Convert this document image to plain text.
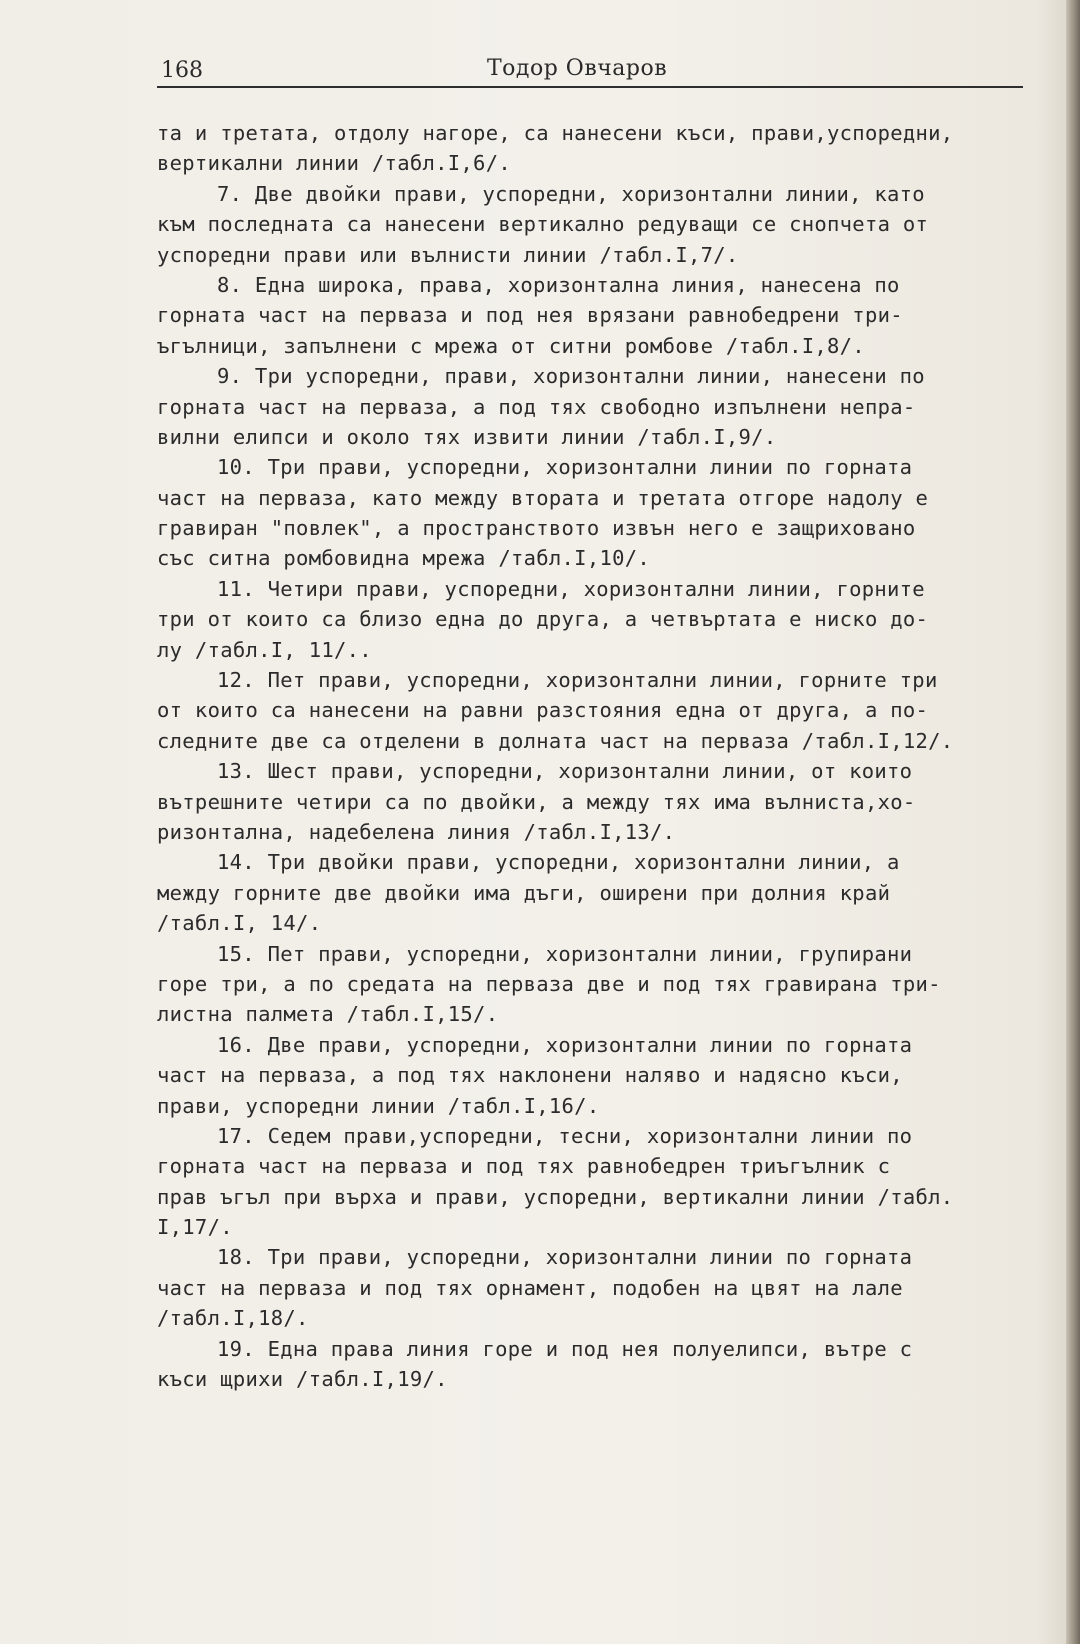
168	Тодор Овчаров
та и третата, отдолу нагоре, са нанесени къси, прави,успоредни,
вертикални линии /табл.I,6/.
7. Две двойки прави, успоредни, хоризонтални линии, като
към последната са нанесени вертикално редуващи се снопчета от
успоредни прави или вълнисти линии /табл.I,7/.
8. Една широка, права, хоризонтална линия, нанесена по
горната част на первaза и под нея врязани равнобедрени три-
ъгълници, запълнени с мрежа от ситни ромбове /табл.I,8/.
9. Три успоредни, прави, хоризонтални линии, нанесени по
горната част на первaза, а под тях свободно изпълнени непра-
вилни елипси и около тях извити линии /табл.I,9/.
10. Три прави, успоредни, хоризонтални линии по горната
част на первaза, като между втората и третата отгоре надолу е
гравиран "повлек", а пространството извън него е защриховано
със ситна ромбовидна мрежа /табл.I,10/.
11. Четири прави, успоредни, хоризонтални линии, горните
три от които са близо една до друга, а четвъртата е ниско до-
лу /табл.I, 11/..
12. Пет прави, успоредни, хоризонтални линии, горните три
от които са нанесени на равни разстояния една от друга, а по-
следните две са отделени в долната част на первaза /табл.I,12/.
13. Шест прави, успоредни, хоризонтални линии, от които
вътрешните четири са по двойки, а между тях има вълниста,хо-
ризонтална, надебелена линия /табл.I,13/.
14. Три двойки прави, успоредни, хоризонтални линии, а
между горните две двойки има дъги, оширени при долния край
/табл.I, 14/.
15. Пет прави, успоредни, хоризонтални линии, групирани
горе три, а по средата на первaза две и под тях гравирана три-
листна палмета /табл.I,15/.
16. Две прави, успоредни, хоризонтални линии по горната
част на первaза, а под тях наклонени наляво и надясно къси,
прави, успоредни линии /табл.I,16/.
17. Седем прави,успоредни, тесни, хоризонтални линии по
горната част на первaза и под тях равнобедрен триъгълник с
прав ъгъл при върха и прави, успоредни, вертикални линии /табл.
I,17/.
18. Три прави, успоредни, хоризонтални линии по горната
част на первaза и под тях орнамент, подобен на цвят на лале
/табл.I,18/.
19. Една права линия горе и под нея полуелипси, вътре с
къси щрихи /табл.I,19/.
